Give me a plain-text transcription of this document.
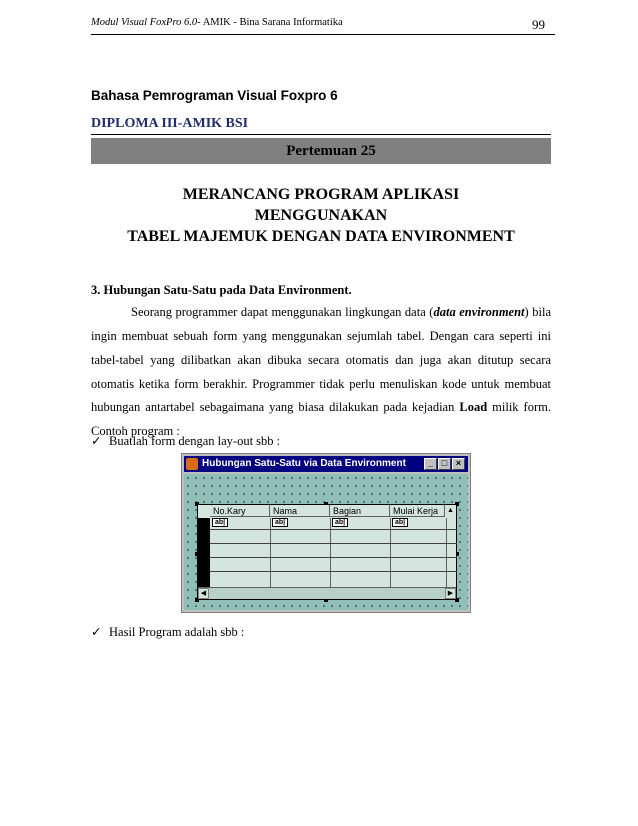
Modul Visual FoxPro 6.0- AMIK - Bina Sarana Informatika	99
Bahasa Pemrograman Visual Foxpro 6
DIPLOMA III-AMIK BSI
Pertemuan 25
MERANCANG PROGRAM APLIKASI
MENGGUNAKAN
TABEL MAJEMUK DENGAN DATA ENVIRONMENT
3. Hubungan Satu-Satu pada Data Environment.
Seorang programmer dapat menggunakan lingkungan data (data environment) bila
ingin membuat sebuah form yang menggunakan sejumlah tabel. Dengan cara seperti ini
tabel-tabel yang dilibatkan akan dibuka secara otomatis dan juga akan ditutup secara
otomatis ketika form berakhir. Programmer tidak perlu menuliskan kode untuk membuat
hubungan antartabel sebagaimana yang biasa dilakukan pada kejadian Load milik form.
Contoh program :
✓ Buatlah form dengan lay-out sbb :
Hubungan Satu-Satu via Data Environment	_ □ ×
No.Kary	Nama	Bagian	Mulai Kerja	▲
ab|	ab|	ab|	ab|
◀	▶
✓ Hasil Program adalah sbb :
